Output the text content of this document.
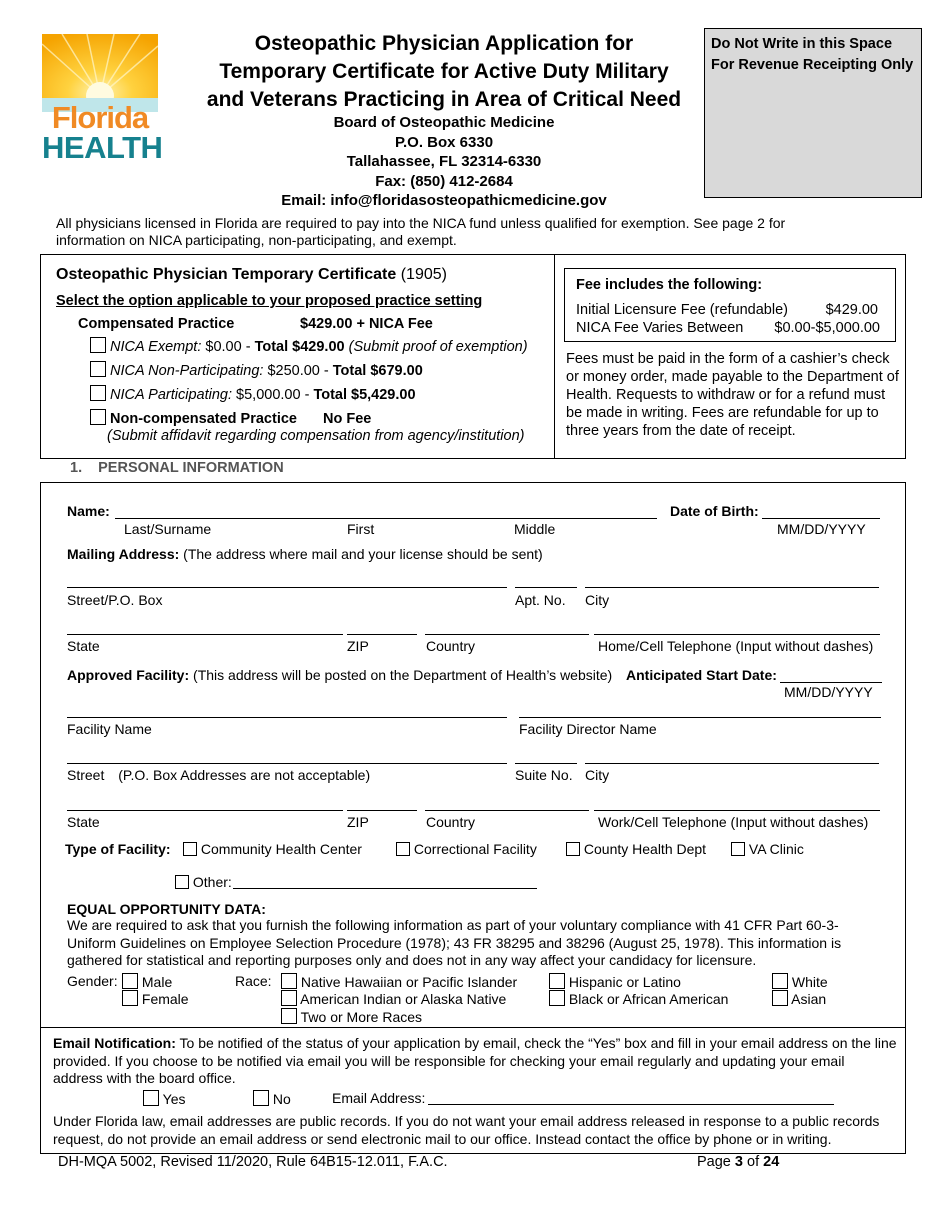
Florida
HEALTH
Osteopathic Physician Application for
Temporary Certificate for Active Duty Military
and Veterans Practicing in Area of Critical Need
Board of Osteopathic Medicine
P.O. Box 6330
Tallahassee, FL 32314-6330
Fax: (850) 412-2684
Email: info@floridasosteopathicmedicine.gov
Do Not Write in this Space
For Revenue Receipting Only
All physicians licensed in Florida are required to pay into the NICA fund unless qualified for exemption. See page 2 for information on NICA participating, non-participating, and exempt.
Osteopathic Physician Temporary Certificate (1905)
Select the option applicable to your proposed practice setting
Compensated Practice	$429.00 + NICA Fee
NICA Exempt: $0.00 - Total $429.00 (Submit proof of exemption)
NICA Non-Participating: $250.00 - Total $679.00
NICA Participating: $5,000.00 - Total $5,429.00
Non-compensated Practice No Fee
(Submit affidavit regarding compensation from agency/institution)
Fee includes the following:
Initial Licensure Fee (refundable)	$429.00
NICA Fee Varies Between	$0.00-$5,000.00
Fees must be paid in the form of a cashier’s check or money order, made payable to the Department of Health. Requests to withdraw or for a refund must be made in writing. Fees are refundable for up to three years from the date of receipt.
1. PERSONAL INFORMATION
Name:	Date of Birth:
Last/Surname	First	Middle	MM/DD/YYYY
Mailing Address: (The address where mail and your license should be sent)
Street/P.O. Box	Apt. No. City
State	ZIP	Country	Home/Cell Telephone (Input without dashes)
Approved Facility: (This address will be posted on the Department of Health’s website) Anticipated Start Date:
MM/DD/YYYY
Facility Name	Facility Director Name
Street (P.O. Box Addresses are not acceptable)	Suite No. City
State	ZIP	Country	Work/Cell Telephone (Input without dashes)
Type of Facility:	Community Health Center	Correctional Facility	County Health Dept	VA Clinic
Other:
EQUAL OPPORTUNITY DATA:
We are required to ask that you furnish the following information as part of your voluntary compliance with 41 CFR Part 60-3-Uniform Guidelines on Employee Selection Procedure (1978); 43 FR 38295 and 38296 (August 25, 1978). This information is gathered for statistical and reporting purposes only and does not in any way affect your candidacy for licensure.
Gender:	Male
Female
Race:	Native Hawaiian or Pacific Islander
American Indian or Alaska Native
Two or More Races
Hispanic or Latino
Black or African American
White
Asian
Email Notification: To be notified of the status of your application by email, check the “Yes” box and fill in your email address on the line provided. If you choose to be notified via email you will be responsible for checking your email regularly and updating your email address with the board office.
Yes	No	Email Address:
Under Florida law, email addresses are public records. If you do not want your email address released in response to a public records request, do not provide an email address or send electronic mail to our office. Instead contact the office by phone or in writing.
DH-MQA 5002, Revised 11/2020, Rule 64B15-12.011, F.A.C.	Page 3 of 24
